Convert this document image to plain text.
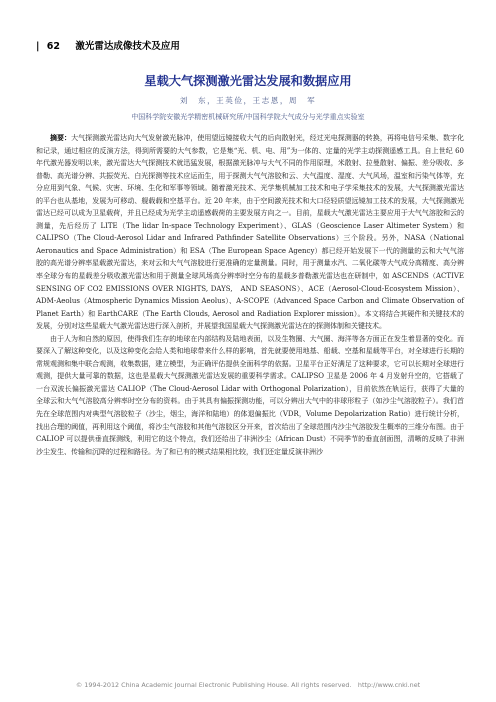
| 62 激光雷达成像技术及应用
星载大气探测激光雷达发展和数据应用
刘　东，王英俭，王志恩，周　军
中国科学院安徽光学精密机械研究所/中国科学院大气成分与光学重点实验室

摘要：大气探测激光雷达向大气发射激光脉冲，使用望远镜接收大气的后向散射光，经过光电探测器的转换，再将电信号采集、数字化和记录，通过相应的反演方法，得到所需要的大气参数，它是集“光、机、电、用”为一体的、定量的光学主动探测遥感工具。自上世纪 60 年代激光器发明以来，激光雷达大气探测技术就迅猛发展，根据激光脉冲与大气不同的作用原理，米散射、拉曼散射、偏振、差分吸收、多普勒、高光谱分辨、共振荧光、白光探测等技术应运而生，用于探测大气气溶胶和云、大气温度、湿度、大气风场，温室和污染气体等，充分应用到气象、气候、灾害、环境、生化和军事等领域。随着激光技术、光学集机械加工技术和电子学采集技术的发展，大气探测激光雷达的平台也从基地，发展为可移动、舰载载和空基平台。近 20 年来，由于空间激光技术和大口径轻质望远镜加工技术的发展，大气探测激光雷达已经可以成为卫星载荷，并且已经成为光学主动遥感载荷的主要发展方向之一。目前，星载大气激光雷达主要应用于大气气溶胶和云的测量，先后经历了 LITE（The lidar In-space Technology Experiment）、GLAS（Geoscience Laser Altimeter System）和 CALIPSO（The Cloud-Aerosol Lidar and Infrared Pathfinder Satellite Observations）三个阶段。另外，NASA（National Aeronautics and Space Administration）和 ESA（The European Space Agency）都已经开始发展下一代的测量的云和大气气溶胶的高光谱分辨率星载激光雷达，来对云和大气气溶胶进行更准确的定量测量。同时，用于测量水汽、二氧化碳等大气成分高精度、高分辨率全球分布的星载差分吸收激光雷达和用于测量全球风场高分辨率时空分布的星载多普勒激光雷达也在研制中，如 ASCENDS（ACTIVE SENSING OF CO2 EMISSIONS OVER NIGHTS, DAYS,　AND SEASONS）、ACE（Aerosol-Cloud-Ecosystem Mission）、ADM-Aeolus（Atmospheric Dynamics Mission Aeolus）、A-SCOPE（Advanced Space Carbon and Climate Observation of Planet Earth）和 EarthCARE（The Earth Clouds, Aerosol and Radiation Explorer mission）。本文将结合其硬件和关键技术的发展，分别对这些星载大气激光雷达进行深入剖析，并展望我国星载大气探测激光雷达在的探测体制和关键技术。

由于人为和自然的原因，使得我们生存的地球在内部结构及陆地表面，以及生物圈、大气圈、海洋等各方面正在发生着显著的变化。而要深入了解这种变化，以及这种变化会给人类和地球带来什么样的影响，首先就要使用地基、船载、空基和星载等平台，对全球进行长期的常规观测和集中联合观测，收集数据，建立模型，为正确评估提供全面科学的依据。卫星平台正好满足了这种要求，它可以长期对全球进行观测，提供大量可靠的数据，这也是星载大气探测激光雷达发展的重要科学需求。CALIPSO 卫星是 2006 年 4 月发射升空的，它搭载了一台双波长偏振激光雷达 CALIOP（The Cloud-Aerosol Lidar with Orthogonal Polarization），目前依然在轨运行，获得了大量的全球云和大气气溶胶高分辨率时空分布的资料。由于其具有偏振探测功能，可以分辨出大气中的非球形粒子（如沙尘气溶胶粒子）。我们首先在全球范围内对典型气溶胶粒子（沙尘，烟尘，海洋和陆地）的体退偏振比（VDR，Volume Depolarization Ratio）进行统计分析，找出合理的阈值，再利用这个阈值，将沙尘气溶胶和其他气溶胶区分开来，首次给出了全球范围内沙尘气溶胶发生概率的三维分布图。由于 CALIOP 可以提供垂直探测线，利用它的这个特点，我们还给出了非洲沙尘（African Dust）不同季节的垂直剖面图，清晰的反映了非洲沙尘发生、传输和沉降的过程和路径。为了和已有的模式结果相比较，我们还定量反演非洲沙

© 1994-2012 China Academic Journal Electronic Publishing House. All rights reserved.　http://www.cnki.net
